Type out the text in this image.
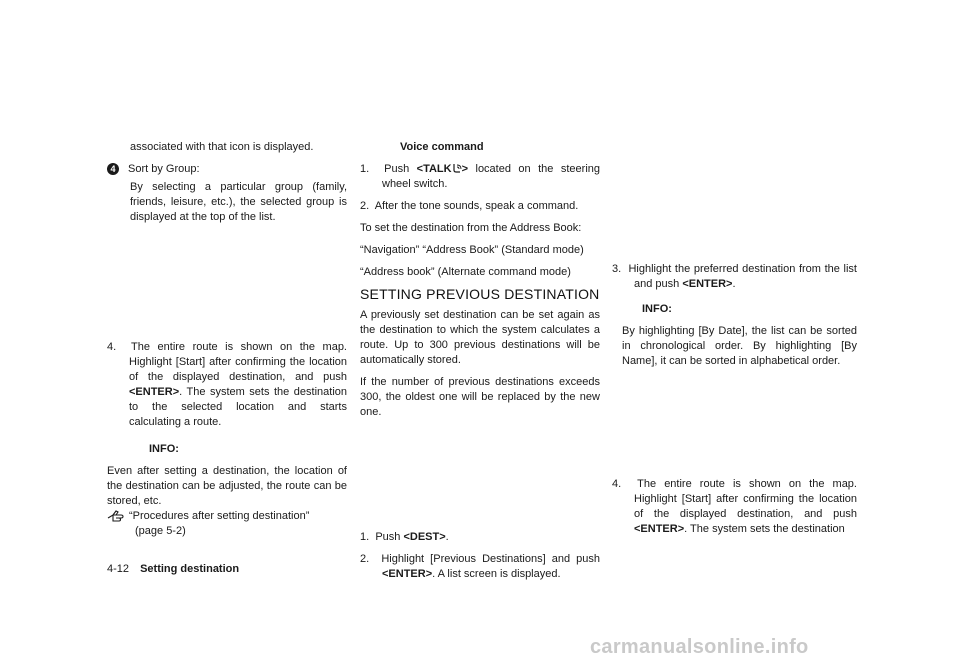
associated with that icon is displayed.

4	Sort by Group:

By selecting a particular group (family, friends, leisure, etc.), the selected group is displayed at the top of the list.

4. The entire route is shown on the map. Highlight [Start] after confirming the location of the displayed destination, and push <ENTER>. The system sets the destination to the selected location and starts calculating a route.

INFO:

Even after setting a destination, the location of the destination can be adjusted, the route can be stored, etc.

“Procedures after setting destination”
(page 5-2)

Voice command

1. Push <TALK > located on the steering wheel switch.

2. After the tone sounds, speak a command.

To set the destination from the Address Book:

“Navigation” “Address Book” (Standard mode)

“Address book” (Alternate command mode)

SETTING PREVIOUS DESTINATION

A previously set destination can be set again as the destination to which the system calculates a route. Up to 300 previous destinations will be automatically stored.

If the number of previous destinations exceeds 300, the oldest one will be replaced by the new one.

1. Push <DEST>.

2. Highlight [Previous Destinations] and push <ENTER>. A list screen is displayed.

3. Highlight the preferred destination from the list and push <ENTER>.

INFO:

By highlighting [By Date], the list can be sorted in chronological order. By highlighting [By Name], it can be sorted in alphabetical order.

4. The entire route is shown on the map. Highlight [Start] after confirming the location of the displayed destination, and push <ENTER>. The system sets the destination

4-12 Setting destination
carmanualsonline.info
